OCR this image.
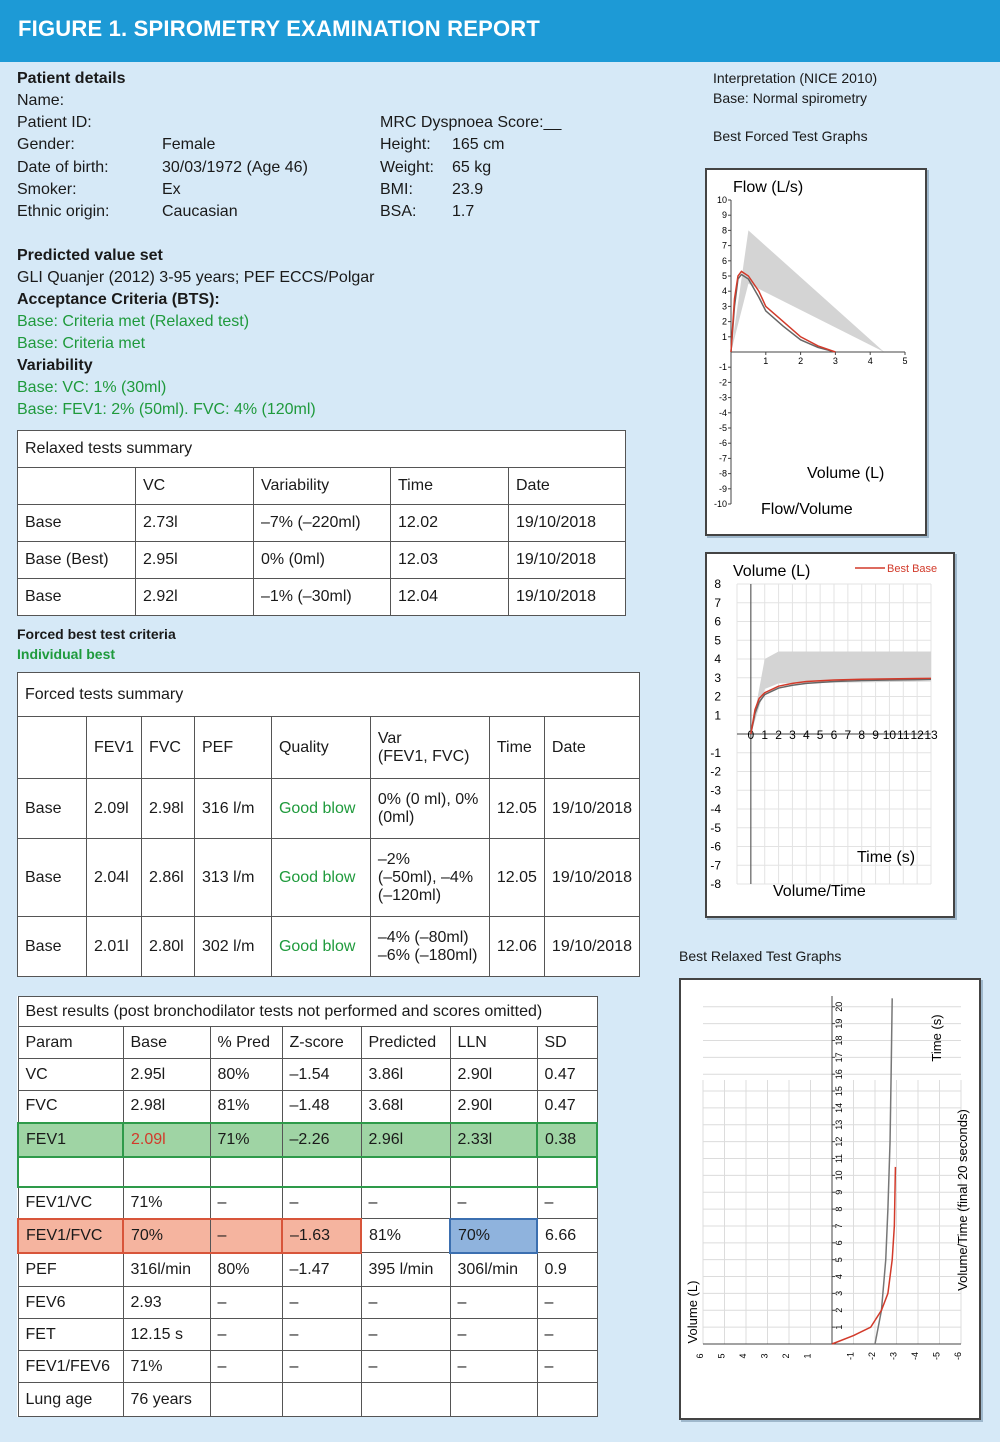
FIGURE 1. SPIROMETRY EXAMINATION REPORT
Patient details
Name:
Patient ID:
Gender:	Female
Date of birth:	30/03/1972 (Age 46)
Smoker:	Ex
Ethnic origin:	Caucasian
MRC Dyspnoea Score:__
Height: 165 cm
Weight: 65 kg
BMI: 23.9
BSA: 1.7
Predicted value set
GLI Quanjer (2012) 3-95 years; PEF ECCS/Polgar
Acceptance Criteria (BTS):
Base: Criteria met (Relaxed test)
Base: Criteria met
Variability
Base: VC: 1% (30ml)
Base: FEV1: 2% (50ml). FVC: 4% (120ml)
Relaxed tests summary				
	VC	Variability	Time	Date
Base	2.73l	–7% (–220ml)	12.02	19/10/2018
Base (Best)	2.95l	0% (0ml)	12.03	19/10/2018
Base	2.92l	–1% (–30ml)	12.04	19/10/2018
Forced best test criteria
Individual best
Forced tests summary							
	FEV1	FVC	PEF	Quality	Var
(FEV1, FVC)	Time	Date
Base	2.09l	2.98l	316 l/m	Good blow	0% (0 ml), 0%
(0ml)	12.05	19/10/2018
Base	2.04l	2.86l	313 l/m	Good blow	–2%
(–50ml), –4%
(–120ml)	12.05	19/10/2018
Base	2.01l	2.80l	302 l/m	Good blow	–4% (–80ml)
–6% (–180ml)	12.06	19/10/2018
Best results (post bronchodilator tests not performed and scores omitted)						
Param	Base	% Pred	Z-score	Predicted	LLN	SD
VC	2.95l	80%	–1.54	3.86l	2.90l	0.47
FVC	2.98l	81%	–1.48	3.68l	2.90l	0.47
FEV1	2.09l	71%	–2.26	2.96l	2.33l	0.38

FEV1/VC	71%	–	–	–	–	–
FEV1/FVC	70%	–	–1.63	81%	70%	6.66
PEF	316l/min	80%	–1.47	395 l/min	306l/min	0.9
FEV6	2.93	–	–	–	–	–
FET	12.15 s	–	–	–	–	–
FEV1/FEV6	71%	–	–	–	–	–
Lung age	76 years					
Interpretation (NICE 2010)
Base: Normal spirometry
Best Forced Test Graphs
10
9
8
7
6
5
4
3
2
1
-1
-2
-3
-4
-5
-6
-7
-8
-9
-10
1	2	3	4	5
Flow (L/s)
Volume (L)
Flow/Volume
8
7
6
5
4
3
2
1
-1
-2
-3
-4
-5
-6
-7
-8
0 1 2 3 4 5 6 7 8 9 10 11 12 13
Volume (L)
Time (s)
Volume/Time
Best Base
Best Relaxed Test Graphs
1
2
3
4
5
6
7
8
9
10
11
12
13
14
15
16
17
18
19
20
6 5 4 3 2 1	-1 -2 -3 -4 -5 -6
Time (s)
Volume/Time (final 20 seconds)
Volume (L)
